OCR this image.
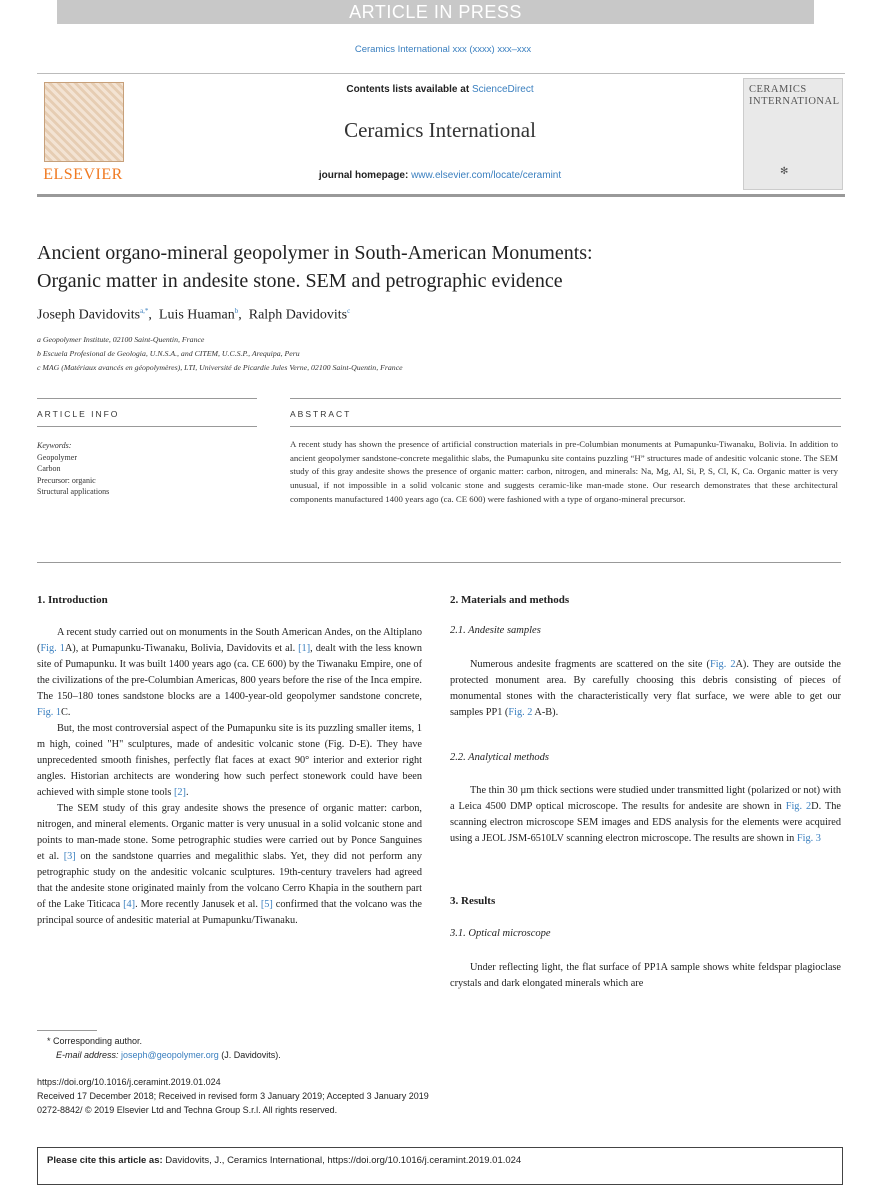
ARTICLE IN PRESS
Ceramics International xxx (xxxx) xxx–xxx
ELSEVIER
Contents lists available at ScienceDirect
Ceramics International
journal homepage: www.elsevier.com/locate/ceramint
CERAMICS INTERNATIONAL
✻
Ancient organo-mineral geopolymer in South-American Monuments:
Organic matter in andesite stone. SEM and petrographic evidence
Joseph Davidovits$^{a,*}$,  Luis Huaman$^b$,  Ralph Davidovits$^c$
a Geopolymer Institute, 02100 Saint-Quentin, France
b Escuela Profesional de Geologia, U.N.S.A., and CITEM, U.C.S.P., Arequipa, Peru
c MAG (Matériaux avancés en géopolymères), LTI, Université de Picardie Jules Verne, 02100 Saint-Quentin, France
ARTICLE INFO	ABSTRACT
Keywords:
Geopolymer
Carbon
Precursor: organic
Structural applications
A recent study has shown the presence of artificial construction materials in pre-Columbian monuments at Pumapunku-Tiwanaku, Bolivia. In addition to ancient geopolymer sandstone-concrete megalithic slabs, the Pumapunku site contains puzzling “H” structures made of andesitic volcanic stone. The SEM study of this gray andesite shows the presence of organic matter: carbon, nitrogen, and minerals: Na, Mg, Al, Si, P, S, Cl, K, Ca. Organic matter is very unusual, if not impossible in a solid volcanic stone and suggests ceramic-like man-made stone. Our research demonstrates that these architectural components manufactured 1400 years ago (ca. CE 600) were fashioned with a type of organo-mineral precursor.
1. Introduction
A recent study carried out on monuments in the South American Andes, on the Altiplano (Fig. 1A), at Pumapunku-Tiwanaku, Bolivia, Davidovits et al. [1], dealt with the less known site of Pumapunku. It was built 1400 years ago (ca. CE 600) by the Tiwanaku Empire, one of the civilizations of the pre-Columbian Americas, 800 years before the rise of the Inca empire. The 150–180 tones sandstone blocks are a 1400-year-old geopolymer sandstone concrete, Fig. 1C.
But, the most controversial aspect of the Pumapunku site is its puzzling smaller items, 1 m high, coined "H" sculptures, made of andesitic volcanic stone (Fig. D-E). They have unprecedented smooth finishes, perfectly flat faces at exact 90° interior and exterior right angles. Historian architects are wondering how such perfect stonework could have been achieved with simple stone tools [2].
The SEM study of this gray andesite shows the presence of organic matter: carbon, nitrogen, and mineral elements. Organic matter is very unusual in a solid volcanic stone and points to man-made stone. Some petrographic studies were carried out by Ponce Sanguines et al. [3] on the sandstone quarries and megalithic slabs. Yet, they did not perform any petrographic study on the andesitic volcanic sculptures. 19th-century travelers had agreed that the andesite stone originated mainly from the volcano Cerro Khapia in the southern part of the Lake Titicaca [4]. More recently Janusek et al. [5] confirmed that the volcano was the principal source of andesitic material at Pumapunku/Tiwanaku.
2. Materials and methods
2.1. Andesite samples
Numerous andesite fragments are scattered on the site (Fig. 2A). They are outside the protected monument area. By carefully choosing this debris consisting of pieces of monumental stones with the characteristically very flat surface, we were able to get our samples PP1 (Fig. 2 A-B).
2.2. Analytical methods
The thin 30 µm thick sections were studied under transmitted light (polarized or not) with a Leica 4500 DMP optical microscope. The results for andesite are shown in Fig. 2D. The scanning electron microscope SEM images and EDS analysis for the elements were acquired using a JEOL JSM-6510LV scanning electron microscope. The results are shown in Fig. 3
3. Results
3.1. Optical microscope
Under reflecting light, the flat surface of PP1A sample shows white feldspar plagioclase crystals and dark elongated minerals which are
* Corresponding author.
E-mail address: joseph@geopolymer.org (J. Davidovits).
https://doi.org/10.1016/j.ceramint.2019.01.024
Received 17 December 2018; Received in revised form 3 January 2019; Accepted 3 January 2019
0272-8842/ © 2019 Elsevier Ltd and Techna Group S.r.l. All rights reserved.
Please cite this article as: Davidovits, J., Ceramics International, https://doi.org/10.1016/j.ceramint.2019.01.024
